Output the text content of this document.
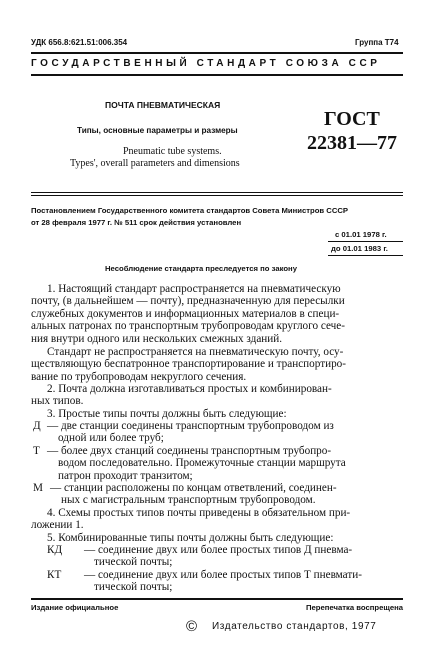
УДК 656.8:621.51:006.354	Группа Т74
ГОСУДАРСТВЕННЫЙ СТАНДАРТ СОЮЗА ССР
ПОЧТА ПНЕВМАТИЧЕСКАЯ
Типы, основные параметры и размеры
Pneumatic tube systems.
Types', overall parameters and dimensions
ГОСТ
22381—77
Постановлением Государственного комитета стандартов Совета Министров СССР
от 28 февраля 1977 г. № 511 срок действия установлен
с 01.01 1978 г.
до 01.01 1983 г.
Несоблюдение стандарта преследуется по закону
1. Настоящий стандарт распространяется на пневматическую
почту, (в дальнейшем — почту), предназначенную для пересылки
служебных документов и информационных материалов в специ-
альных патронах по транспортным трубопроводам круглого сече-
ния внутри одного или нескольких смежных зданий.
Стандарт не распространяется на пневматическую почту, осу-
ществляющую беспатронное транспортирование и транспортиро-
вание по трубопроводам некруглого сечения.
2. Почта должна изготавливаться простых и комбинирован-
ных типов.
3. Простые типы почты должны быть следующие:
Д — две станции соединены транспортным трубопроводом из
одной или более труб;
Т — более двух станций соединены транспортным трубопро-
водом последовательно. Промежуточные станции маршрута
патрон проходит транзитом;
М — станции расположены по концам ответвлений, соединен-
ных с магистральным транспортным трубопроводом.
4. Схемы простых типов почты приведены в обязательном при-
ложении 1.
5. Комбинированные типы почты должны быть следующие:
КД — соединение двух или более простых типов Д пневма-
тической почты;
КТ — соединение двух или более простых типов Т пневмати-
тической почты;
Издание официальное	Перепечатка воспрещена
© Издательство стандартов, 1977
